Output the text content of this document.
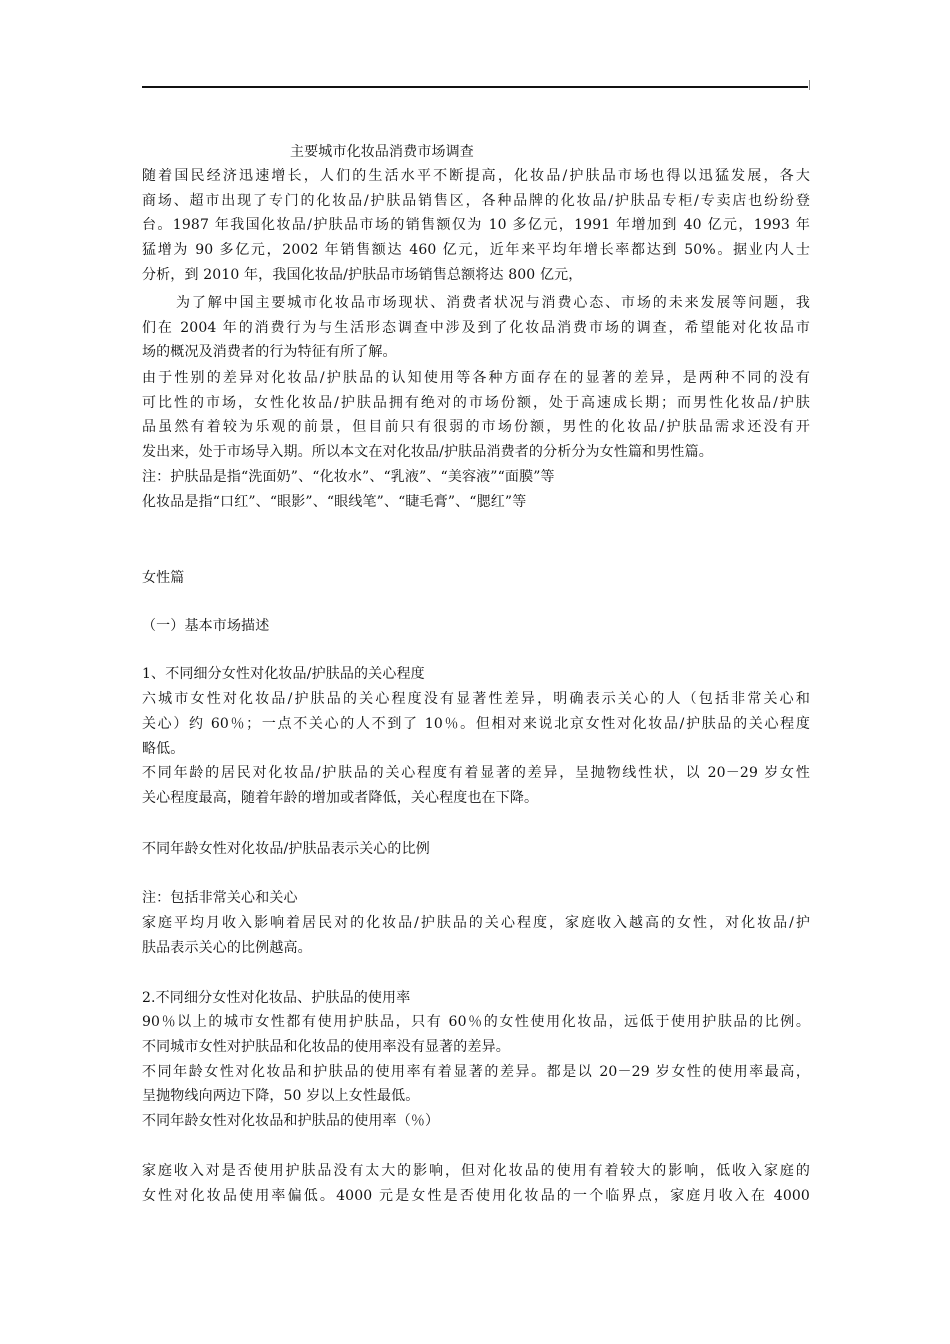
主要城市化妆品消费市场调查
随着国民经济迅速增长，人们的生活水平不断提高，化妆品/护肤品市场也得以迅猛发展，各大
商场、超市出现了专门的化妆品/护肤品销售区，各种品牌的化妆品/护肤品专柜/专卖店也纷纷登
台。1987 年我国化妆品/护肤品市场的销售额仅为 10 多亿元，1991 年增加到 40 亿元，1993 年
猛增为 90 多亿元，2002 年销售额达 460 亿元，近年来平均年增长率都达到 50%。据业内人士
分析，到 2010 年，我国化妆品/护肤品市场销售总额将达 800 亿元，
为了解中国主要城市化妆品市场现状、消费者状况与消费心态、市场的未来发展等问题，我
们在 2004 年的消费行为与生活形态调查中涉及到了化妆品消费市场的调查，希望能对化妆品市
场的概况及消费者的行为特征有所了解。
由于性别的差异对化妆品/护肤品的认知使用等各种方面存在的显著的差异，是两种不同的没有
可比性的市场，女性化妆品/护肤品拥有绝对的市场份额，处于高速成长期；而男性化妆品/护肤
品虽然有着较为乐观的前景，但目前只有很弱的市场份额，男性的化妆品/护肤品需求还没有开
发出来，处于市场导入期。所以本文在对化妆品/护肤品消费者的分析分为女性篇和男性篇。
注：护肤品是指“洗面奶”、“化妆水”、“乳液”、“美容液”“面膜”等
化妆品是指“口红”、“眼影”、“眼线笔”、“睫毛膏”、“腮红”等
女性篇
（一）基本市场描述
1、不同细分女性对化妆品/护肤品的关心程度
六城市女性对化妆品/护肤品的关心程度没有显著性差异，明确表示关心的人（包括非常关心和
关心）约 60％；一点不关心的人不到了 10％。但相对来说北京女性对化妆品/护肤品的关心程度
略低。
不同年龄的居民对化妆品/护肤品的关心程度有着显著的差异，呈抛物线性状，以 20－29 岁女性
关心程度最高，随着年龄的增加或者降低，关心程度也在下降。
不同年龄女性对化妆品/护肤品表示关心的比例
注：包括非常关心和关心
家庭平均月收入影响着居民对的化妆品/护肤品的关心程度，家庭收入越高的女性，对化妆品/护
肤品表示关心的比例越高。
2.不同细分女性对化妆品、护肤品的使用率
90％以上的城市女性都有使用护肤品，只有 60％的女性使用化妆品，远低于使用护肤品的比例。
不同城市女性对护肤品和化妆品的使用率没有显著的差异。
不同年龄女性对化妆品和护肤品的使用率有着显著的差异。都是以 20－29 岁女性的使用率最高，
呈抛物线向两边下降，50 岁以上女性最低。
不同年龄女性对化妆品和护肤品的使用率（％）
家庭收入对是否使用护肤品没有太大的影响，但对化妆品的使用有着较大的影响，低收入家庭的
女性对化妆品使用率偏低。4000 元是女性是否使用化妆品的一个临界点，家庭月收入在 4000
